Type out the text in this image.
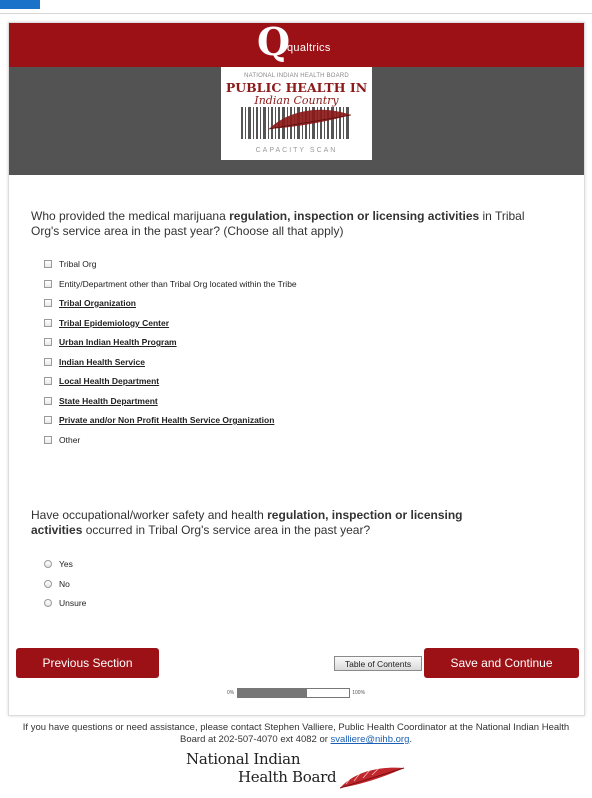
Q
qualtrics
NATIONAL INDIAN HEALTH BOARD
PUBLIC HEALTH IN
Indian Country
CAPACITY SCAN
Who provided the medical marijuana regulation, inspection or licensing activities in Tribal Org's service area in the past year? (Choose all that apply)
Tribal Org
Entity/Department other than Tribal Org located within the Tribe
Tribal Organization
Tribal Epidemiology Center
Urban Indian Health Program
Indian Health Service
Local Health Department
State Health Department
Private and/or Non Profit Health Service Organization
Other
Have occupational/worker safety and health regulation, inspection or licensing activities occurred in Tribal Org's service area in the past year?
Yes
No
Unsure
Previous Section	Table of Contents	Save and Continue
0%	100%
If you have questions or need assistance, please contact Stephen Valliere, Public Health Coordinator at the National Indian Health Board at 202-507-4070 ext 4082 or svalliere@nihb.org.
National Indian
Health Board
